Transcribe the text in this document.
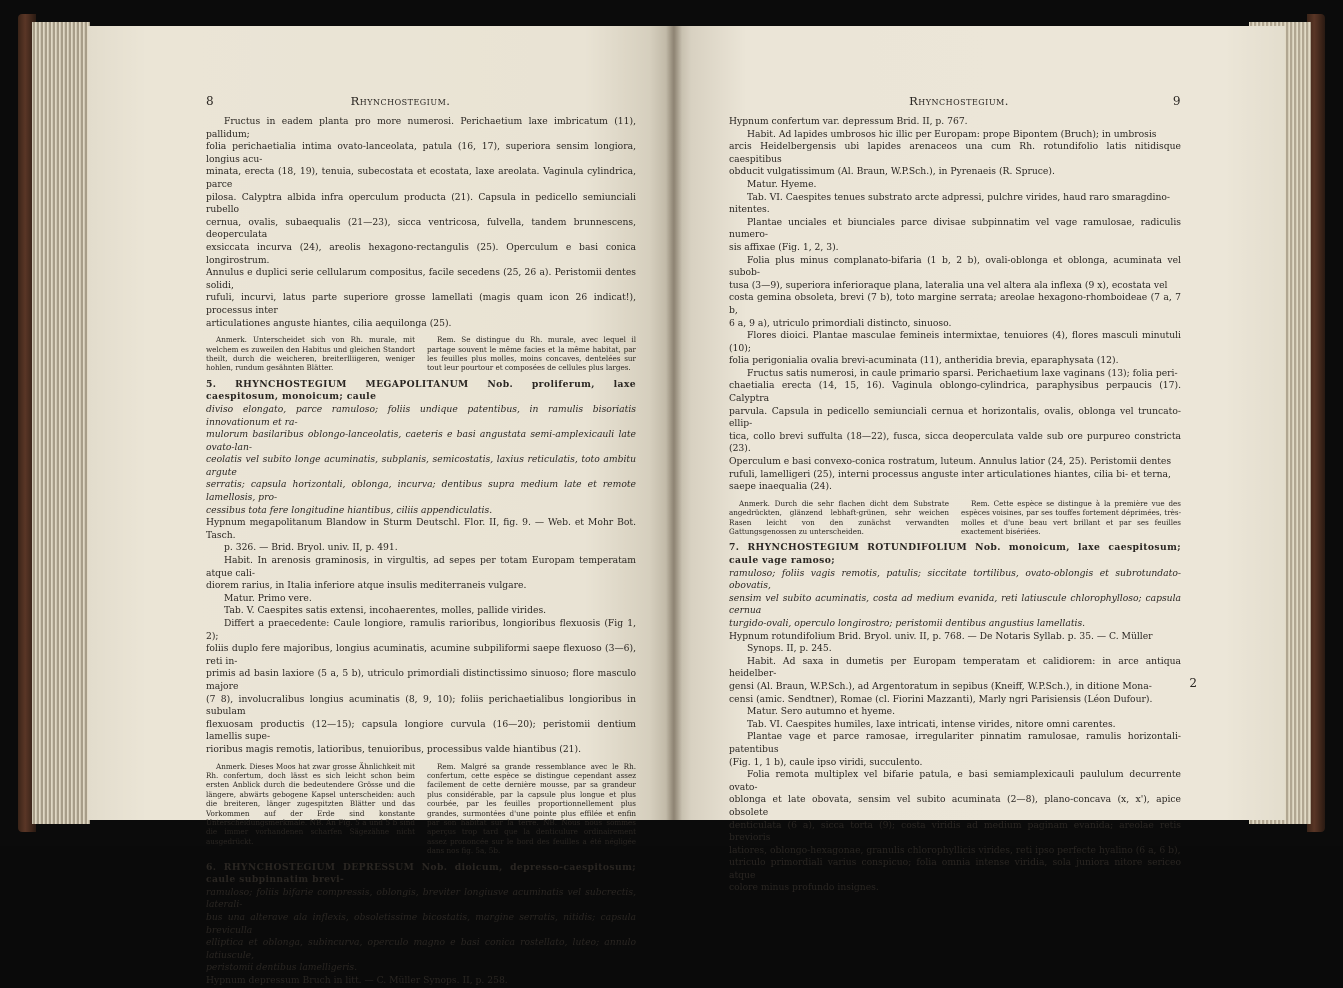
8	Rhynchostegium.

Fructus in eadem planta pro more numerosi. Perichaetium laxe imbricatum (11), pallidum;

folia perichaetialia intima ovato-lanceolata, patula (16, 17), superiora sensim longiora, longius acu-

minata, erecta (18, 19), tenuia, subecostata et ecostata, laxe areolata. Vaginula cylindrica, parce

pilosa. Calyptra albida infra operculum producta (21). Capsula in pedicello semiunciali rubello

cernua, ovalis, subaequalis (21—23), sicca ventricosa, fulvella, tandem brunnescens, deoperculata

exsiccata incurva (24), areolis hexagono-rectangulis (25). Operculum e basi conica longirostrum.

Annulus e duplici serie cellularum compositus, facile secedens (25, 26 a). Peristomii dentes solidi,

rufuli, incurvi, latus parte superiore grosse lamellati (magis quam icon 26 indicat!), processus inter

articulationes anguste hiantes, cilia aequilonga (25).

Anmerk. Unterscheidet sich von Rh. murale, mit welchem es zuweilen den Habitus und gleichen Standort theilt, durch die weicheren, breiterlliigeren, weniger hohlen, rundum gesähnten Blätter.
Rem. Se distingue du Rh. murale, avec lequel il partage souvent le même facies et la même habitat, par les feuilles plus molles, moins concaves, dentelées sur tout leur pourtour et composées de cellules plus larges.

5. RHYNCHOSTEGIUM MEGAPOLITANUM Nob. proliferum, laxe caespitosum, monoicum; caule

diviso elongato, parce ramuloso; foliis undique patentibus, in ramulis bisoriatis innovationum et ra-

mulorum basilaribus oblongo-lanceolatis, caeteris e basi angustata semi-amplexicauli late ovato-lan-

ceolatis vel subito longe acuminatis, subplanis, semicostatis, laxius reticulatis, toto ambitu argute

serratis; capsula horizontali, oblonga, incurva; dentibus supra medium late et remote lamellosis, pro-

cessibus tota fere longitudine hiantibus, ciliis appendiculatis.

Hypnum megapolitanum Blandow in Sturm Deutschl. Flor. II, fig. 9. — Web. et Mohr Bot. Tasch.

p. 326. — Brid. Bryol. univ. II, p. 491.

Habit. In arenosis graminosis, in virgultis, ad sepes per totam Europam temperatam atque cali-

diorem rarius, in Italia inferiore atque insulis mediterraneis vulgare.

Matur. Primo vere.

Tab. V. Caespites satis extensi, incohaerentes, molles, pallide virides.

Differt a praecedente: Caule longiore, ramulis rarioribus, longioribus flexuosis (Fig 1, 2);

foliis duplo fere majoribus, longius acuminatis, acumine subpiliformi saepe flexuoso (3—6), reti in-

primis ad basin laxiore (5 a, 5 b), utriculo primordiali distinctissimo sinuoso; flore masculo majore

(7 8), involucralibus longius acuminatis (8, 9, 10); foliis perichaetialibus longioribus in subulam

flexuosam productis (12—15); capsula longiore curvula (16—20); peristomii dentium lamellis supe-

rioribus magis remotis, latioribus, tenuioribus, processibus valde hiantibus (21).

Anmerk. Dieses Moos hat zwar grosse Ähnlichkeit mit Rh. confertum, doch lässt es sich leicht schon beim ersten Anblick durch die bedeutendere Grösse und die längere, abwärts gebogene Kapsel unterscheiden: auch die breiteren, länger zugespitzten Blätter und das Vorkommen auf der Erde sind konstante Unterscheidungsmerkmale. NB. An Fig. 5 a und 5 b sind die immer vorhandenen scharfen Sägezähne nicht ausgedrückt.
Rem. Malgré sa grande ressemblance avec le Rh. confertum, cette espèce se distingue cependant assez facilement de cette dernière mousse, par sa grandeur plus considérable, par la capsule plus longue et plus courbée, par les feuilles proportionnellement plus grandes, surmontées d'une pointe plus effilée et enfin par son habitat sur la terre. NB. Nous nous sommes aperçus trop tard que la denticulure ordinairement assez prononcée sur le bord des feuilles a été négligée dans nos fig. 5a, 5b.

6. RHYNCHOSTEGIUM DEPRESSUM Nob. dioicum, depresso-caespitosum; caule subpinnatim brevi-

ramuloso; foliis bifarie compressis, oblongis, breviter longiusve acuminatis vel subcrectis, laterali-

bus una alterave ala inflexis, obsoletissime bicostatis, margine serratis, nitidis; capsula breviculla

elliptica et oblonga, subincurva, operculo magno e basi conica rostellato, luteo; annulo latiuscule,

peristomii dentibus lamelligeris.

Hypnum depressum Bruch in litt. — C. Müller Synops. II, p. 258.

Rhynchostegium.	9

Hypnum confertum var. depressum Brid. II, p. 767.

Habit. Ad lapides umbrosos hic illic per Europam: prope Bipontem (Bruch); in umbrosis

arcis Heidelbergensis ubi lapides arenaceos una cum Rh. rotundifolio latis nitidisque caespitibus

obducit vulgatissimum (Al. Braun, W.P.Sch.), in Pyrenaeis (R. Spruce).

Matur. Hyeme.

Tab. VI. Caespites tenues substrato arcte adpressi, pulchre virides, haud raro smaragdino-

nitentes.

Plantae unciales et biunciales parce divisae subpinnatim vel vage ramulosae, radiculis numero-

sis affixae (Fig. 1, 2, 3).

Folia plus minus complanato-bifaria (1 b, 2 b), ovali-oblonga et oblonga, acuminata vel subob-

tusa (3—9), superiora inferioraque plana, lateralia una vel altera ala inflexa (9 x), ecostata vel

costa gemina obsoleta, brevi (7 b), toto margine serrata; areolae hexagono-rhomboideae (7 a, 7 b,

6 a, 9 a), utriculo primordiali distincto, sinuoso.

Flores dioici. Plantae masculae femineis intermixtae, tenuiores (4), flores masculi minutuli (10);

folia perigonialia ovalia brevi-acuminata (11), antheridia brevia, eparaphysata (12).

Fructus satis numerosi, in caule primario sparsi. Perichaetium laxe vaginans (13); folia peri-

chaetialia erecta (14, 15, 16). Vaginula oblongo-cylindrica, paraphysibus perpaucis (17). Calyptra

parvula. Capsula in pedicello semiunciali cernua et horizontalis, ovalis, oblonga vel truncato-ellip-

tica, collo brevi suffulta (18—22), fusca, sicca deoperculata valde sub ore purpureo constricta (23).

Operculum e basi convexo-conica rostratum, luteum. Annulus latior (24, 25). Peristomii dentes

rufuli, lamelligeri (25), interni processus anguste inter articulationes hiantes, cilia bi- et terna,

saepe inaequalia (24).

Anmerk. Durch die sehr flachen dicht dem Substrate angedrückten, glänzend lebhaft-grünen, sehr weichen Rasen leicht von den zunächst verwandten Gattungsgenossen zu unterscheiden.
Rem. Cette espèce se distingue à la première vue des espèces voisines, par ses touffes fortement déprimées, très-molles et d'une beau vert brillant et par ses feuilles exactement bisériées.

7. RHYNCHOSTEGIUM ROTUNDIFOLIUM Nob. monoicum, laxe caespitosum; caule vage ramoso;

ramuloso; foliis vagis remotis, patulis; siccitate tortilibus, ovato-oblongis et subrotundato-obovatis,

sensim vel subito acuminatis, costa ad medium evanida, reti latiuscule chlorophylloso; capsula cernua

turgido-ovali, operculo longirostro; peristomii dentibus angustius lamellatis.

Hypnum rotundifolium Brid. Bryol. univ. II, p. 768. — De Notaris Syllab. p. 35. — C. Müller

Synops. II, p. 245.

Habit. Ad saxa in dumetis per Europam temperatam et calidiorem: in arce antiqua heidelber-

gensi (Al. Braun, W.P.Sch.), ad Argentoratum in sepibus (Kneiff, W.P.Sch.), in ditione Mona-

censi (amic. Sendtner), Romae (cl. Fiorini Mazzanti), Marly ngri Parisiensis (Léon Dufour).

Matur. Sero autumno et hyeme.

Tab. VI. Caespites humiles, laxe intricati, intense virides, nitore omni carentes.

Plantae vage et parce ramosae, irregulariter pinnatim ramulosae, ramulis horizontali-patentibus

(Fig. 1, 1 b), caule ipso viridi, succulento.

Folia remota multiplex vel bifarie patula, e basi semiamplexicauli paululum decurrente ovato-

oblonga et late obovata, sensim vel subito acuminata (2—8), plano-concava (x, x'), apice obsolete

denticulata (6 a), sicca torta (9); costa viridis ad medium paginam evanida; areolae retis brevioris

latiores, oblongo-hexagonae, granulis chlorophyllicis virides, reti ipso perfecte hyalino (6 a, 6 b),

utriculo primordiali varius conspicuo; folia omnia intense viridia, sola juniora nitore sericeo atque

colore minus profundo insignes.

2
